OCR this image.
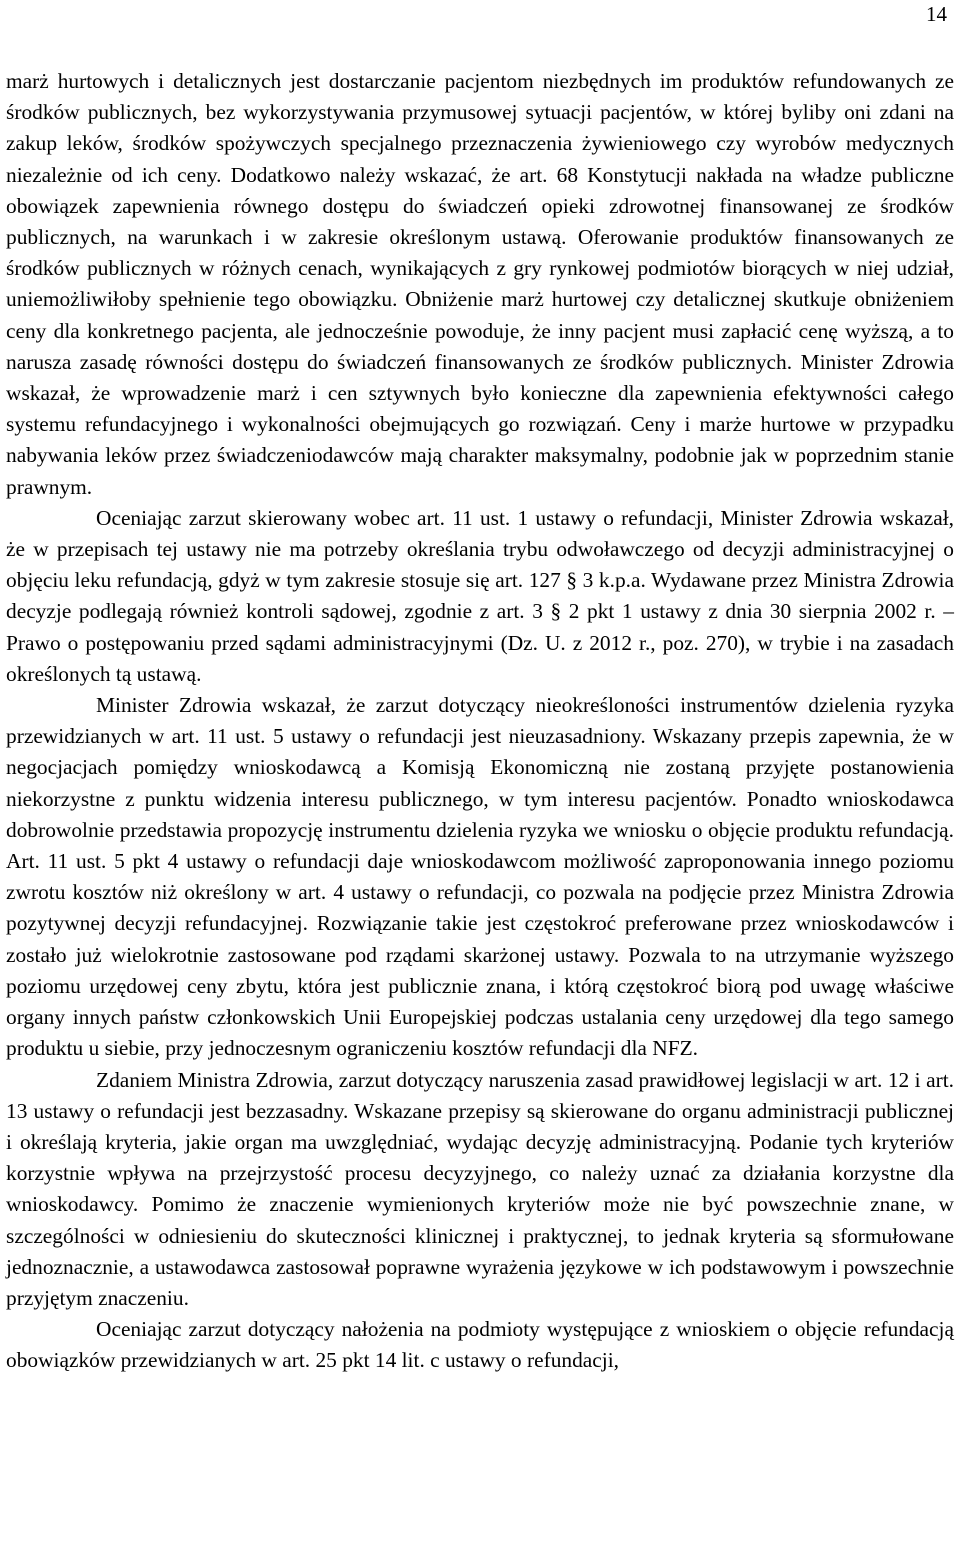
14

marż hurtowych i detalicznych jest dostarczanie pacjentom niezbędnych im produktów refundowanych ze środków publicznych, bez wykorzystywania przymusowej sytuacji pacjentów, w której byliby oni zdani na zakup leków, środków spożywczych specjalnego przeznaczenia żywieniowego czy wyrobów medycznych niezależnie od ich ceny. Dodatkowo należy wskazać, że art. 68 Konstytucji nakłada na władze publiczne obowiązek zapewnienia równego dostępu do świadczeń opieki zdrowotnej finansowanej ze środków publicznych, na warunkach i w zakresie określonym ustawą. Oferowanie produktów finansowanych ze środków publicznych w różnych cenach, wynikających z gry rynkowej podmiotów biorących w niej udział, uniemożliwiłoby spełnienie tego obowiązku. Obniżenie marż hurtowej czy detalicznej skutkuje obniżeniem ceny dla konkretnego pacjenta, ale jednocześnie powoduje, że inny pacjent musi zapłacić cenę wyższą, a to narusza zasadę równości dostępu do świadczeń finansowanych ze środków publicznych. Minister Zdrowia wskazał, że wprowadzenie marż i cen sztywnych było konieczne dla zapewnienia efektywności całego systemu refundacyjnego i wykonalności obejmujących go rozwiązań. Ceny i marże hurtowe w przypadku nabywania leków przez świadczeniodawców mają charakter maksymalny, podobnie jak w poprzednim stanie prawnym.

Oceniając zarzut skierowany wobec art. 11 ust. 1 ustawy o refundacji, Minister Zdrowia wskazał, że w przepisach tej ustawy nie ma potrzeby określania trybu odwoławczego od decyzji administracyjnej o objęciu leku refundacją, gdyż w tym zakresie stosuje się art. 127 § 3 k.p.a. Wydawane przez Ministra Zdrowia decyzje podlegają również kontroli sądowej, zgodnie z art. 3 § 2 pkt 1 ustawy z dnia 30 sierpnia 2002 r. – Prawo o postępowaniu przed sądami administracyjnymi (Dz. U. z 2012 r., poz. 270), w trybie i na zasadach określonych tą ustawą.

Minister Zdrowia wskazał, że zarzut dotyczący nieokreśloności instrumentów dzielenia ryzyka przewidzianych w art. 11 ust. 5 ustawy o refundacji jest nieuzasadniony. Wskazany przepis zapewnia, że w negocjacjach pomiędzy wnioskodawcą a Komisją Ekonomiczną nie zostaną przyjęte postanowienia niekorzystne z punktu widzenia interesu publicznego, w tym interesu pacjentów. Ponadto wnioskodawca dobrowolnie przedstawia propozycję instrumentu dzielenia ryzyka we wniosku o objęcie produktu refundacją. Art. 11 ust. 5 pkt 4 ustawy o refundacji daje wnioskodawcom możliwość zaproponowania innego poziomu zwrotu kosztów niż określony w art. 4 ustawy o refundacji, co pozwala na podjęcie przez Ministra Zdrowia pozytywnej decyzji refundacyjnej. Rozwiązanie takie jest częstokroć preferowane przez wnioskodawców i zostało już wielokrotnie zastosowane pod rządami skarżonej ustawy. Pozwala to na utrzymanie wyższego poziomu urzędowej ceny zbytu, która jest publicznie znana, i którą częstokroć biorą pod uwagę właściwe organy innych państw członkowskich Unii Europejskiej podczas ustalania ceny urzędowej dla tego samego produktu u siebie, przy jednoczesnym ograniczeniu kosztów refundacji dla NFZ.

Zdaniem Ministra Zdrowia, zarzut dotyczący naruszenia zasad prawidłowej legislacji w art. 12 i art. 13 ustawy o refundacji jest bezzasadny. Wskazane przepisy są skierowane do organu administracji publicznej i określają kryteria, jakie organ ma uwzględniać, wydając decyzję administracyjną. Podanie tych kryteriów korzystnie wpływa na przejrzystość procesu decyzyjnego, co należy uznać za działania korzystne dla wnioskodawcy. Pomimo że znaczenie wymienionych kryteriów może nie być powszechnie znane, w szczególności w odniesieniu do skuteczności klinicznej i praktycznej, to jednak kryteria są sformułowane jednoznacznie, a ustawodawca zastosował poprawne wyrażenia językowe w ich podstawowym i powszechnie przyjętym znaczeniu.

Oceniając zarzut dotyczący nałożenia na podmioty występujące z wnioskiem o objęcie refundacją obowiązków przewidzianych w art. 25 pkt 14 lit. c ustawy o refundacji,
